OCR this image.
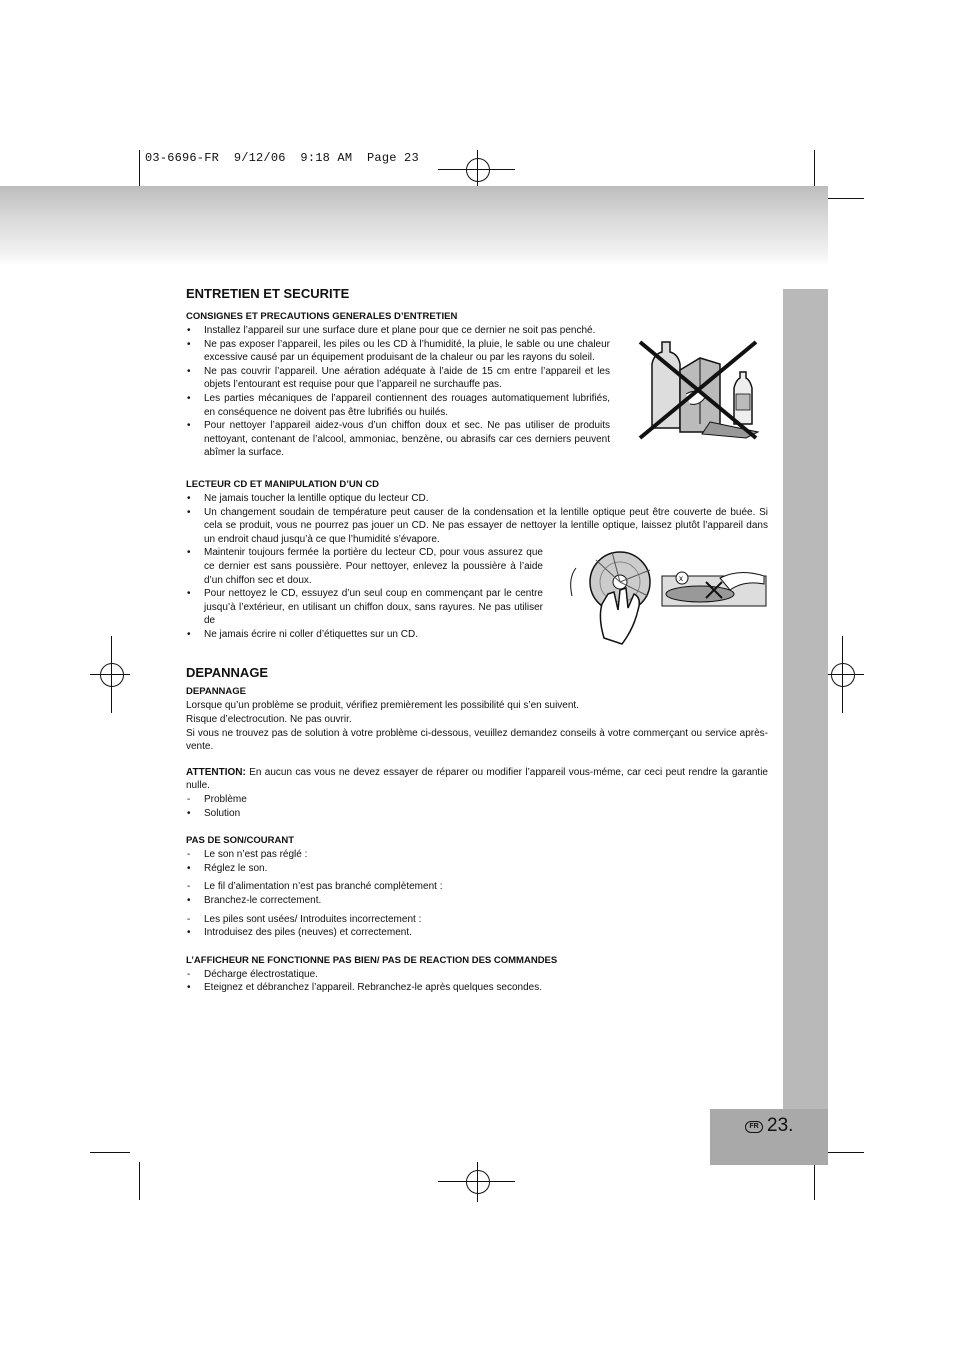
03-6696-FR  9/12/06  9:18 AM  Page 23
FR 23.
x
ENTRETIEN ET SECURITE
CONSIGNES ET PRECAUTIONS GENERALES D’ENTRETIEN
• Installez l’appareil sur une surface dure et plane pour que ce dernier ne soit pas penché.
• Ne pas exposer l’appareil, les piles ou les CD à l’humidité, la pluie, le sable ou une chaleur excessive causé par un équipement produisant de la chaleur ou par les rayons du soleil.
• Ne pas couvrir l’appareil. Une aération adéquate à l’aide de 15 cm entre l’appareil et les objets l’entourant est requise pour que l’appareil ne surchauffe pas.
• Les parties mécaniques de l’appareil contiennent des rouages automatiquement lubrifiés, en conséquence ne doivent pas être lubrifiés ou huilés.
• Pour nettoyer l’appareil aidez-vous d’un chiffon doux et sec. Ne pas utiliser de produits nettoyant, contenant de l’alcool, ammoniac, benzène, ou abrasifs car ces derniers peuvent abîmer la surface.
LECTEUR CD ET MANIPULATION D’UN CD
• Ne jamais toucher la lentille optique du lecteur CD.
• Un changement soudain de température peut causer de la condensation et la lentille optique peut être couverte de buée. Si cela se produit, vous ne pourrez pas jouer un CD. Ne pas essayer de nettoyer la lentille optique, laissez plutôt l’appareil dans un endroit chaud jusqu’à ce que l’humidité s’évapore.
• Maintenir toujours fermée la portière du lecteur CD, pour vous assurez que ce dernier est sans poussière. Pour nettoyer, enlevez la poussière à l’aide d’un chiffon sec et doux.
• Pour nettoyez le CD, essuyez d’un seul coup en commençant par le centre jusqu’à l’extérieur, en utilisant un chiffon doux, sans rayures. Ne pas utiliser de
• Ne jamais écrire ni coller d’étiquettes sur un CD.
DEPANNAGE
DEPANNAGE

Lorsque qu’un problème se produit, vérifiez premièrement les possibilité qui s’en suivent.

Risque d’electrocution. Ne pas ouvrir.

Si vous ne trouvez pas de solution à votre problème ci-dessous, veuillez demandez conseils à votre commerçant ou service après-vente.

ATTENTION: En aucun cas vous ne devez essayer de réparer ou modifier l’appareil vous-méme, car ceci peut rendre la garantie nulle.

- Problème
• Solution
PAS DE SON/COURANT
- Le son n’est pas réglé :
• Réglez le son.
- Le fil d’alimentation n’est pas branché complètement :
• Branchez-le correctement.
- Les piles sont usées/ Introduites incorrectement :
• Introduisez des piles (neuves) et correctement.
L’AFFICHEUR NE FONCTIONNE PAS BIEN/ PAS DE REACTION DES COMMANDES
- Décharge électrostatique.
• Eteignez et débranchez l’appareil. Rebranchez-le après quelques secondes.
